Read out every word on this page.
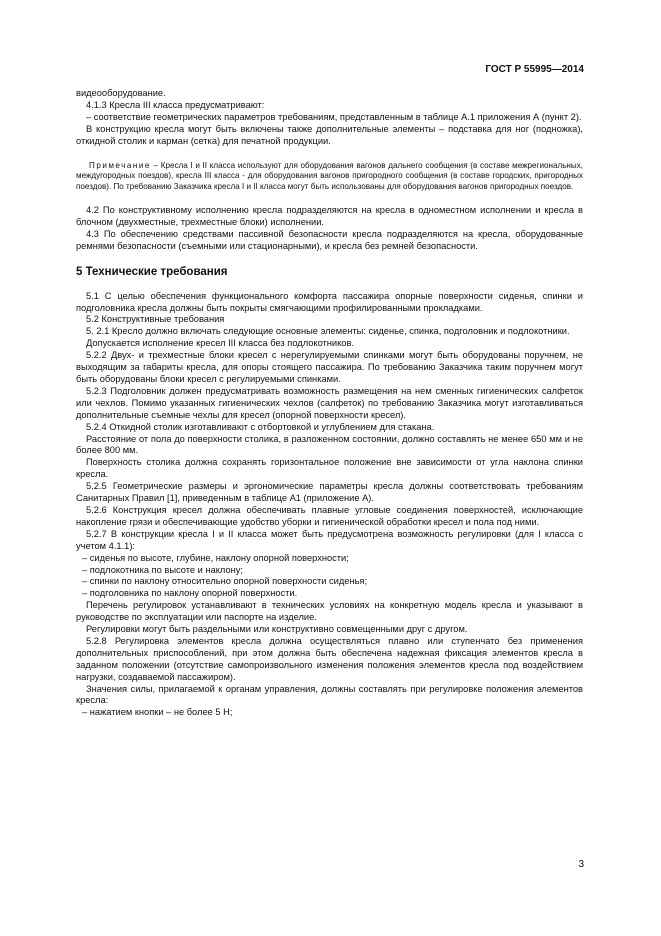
ГОСТ Р 55995—2014

видеооборудование.

4.1.3 Кресла III класса предусматривают:

– соответствие геометрических параметров требованиям, представленным в таблице А.1 приложения А (пункт 2).

В конструкцию кресла могут быть включены также дополнительные элементы – подставка для ног (подножка), откидной столик и карман (сетка) для печатной продукции.

Примечание – Кресла I и II класса используют для оборудования вагонов дальнего сообщения (в составе межрегиональных, междугородных поездов), кресла III класса - для оборудования вагонов пригородного сообщения (в составе городских, пригородных поездов). По требованию Заказчика кресла I и II класса могут быть использованы для оборудования вагонов пригородных поездов.

4.2 По конструктивному исполнению кресла подразделяются на кресла в одноместном исполнении и кресла в блочном (двухместные, трехместные блоки) исполнении.

4.3 По обеспечению средствами пассивной безопасности кресла подразделяются на кресла, оборудованные ремнями безопасности (съемными или стационарными), и кресла без ремней безопасности.

5 Технические требования

5.1 С целью обеспечения функционального комфорта пассажира опорные поверхности сиденья, спинки и подголовника кресла должны быть покрыты смягчающими профилированными прокладками.

5.2 Конструктивные требования

5. 2.1 Кресло должно включать следующие основные элементы: сиденье, спинка, подголовник и подлокотники.

Допускается исполнение кресел III класса без подлокотников.

5.2.2 Двух- и трехместные блоки кресел с нерегулируемыми спинками могут быть оборудованы поручнем, не выходящим за габариты кресла, для опоры стоящего пассажира. По требованию Заказчика таким поручнем могут быть оборудованы блоки кресел с регулируемыми спинками.

5.2.3 Подголовник должен предусматривать возможность размещения на нем сменных гигиенических салфеток или чехлов. Помимо указанных гигиенических чехлов (салфеток) по требованию Заказчика могут изготавливаться дополнительные съемные чехлы для кресел (опорной поверхности кресел).

5.2.4 Откидной столик изготавливают с отбортовкой и углублением для стакана.

Расстояние от пола до поверхности столика, в разложенном состоянии, должно составлять не менее 650 мм и не более 800 мм.

Поверхность столика должна сохранять горизонтальное положение вне зависимости от угла наклона спинки кресла.

5.2.5 Геометрические размеры и эргономические параметры кресла должны соответствовать требованиям Санитарных Правил [1], приведенным в таблице А1 (приложение А).

5.2.6 Конструкция кресел должна обеспечивать плавные угловые соединения поверхностей, исключающие накопление грязи и обеспечивающие удобство уборки и гигиенической обработки кресел и пола под ними.

5.2.7 В конструкции кресла I и II класса может быть предусмотрена возможность регулировки (для I класса с учетом 4.1.1):

– сиденья по высоте, глубине, наклону опорной поверхности;

– подлокотника по высоте и наклону;

– спинки по наклону относительно опорной поверхности сиденья;

– подголовника по наклону опорной поверхности.

Перечень регулировок устанавливают в технических условиях на конкретную модель кресла и указывают в руководстве по эксплуатации или паспорте на изделие.

Регулировки могут быть раздельными или конструктивно совмещенными друг с другом.

5.2.8 Регулировка элементов кресла должна осуществляться плавно или ступенчато без применения дополнительных приспособлений, при этом должна быть обеспечена надежная фиксация элементов кресла в заданном положении (отсутствие самопроизвольного изменения положения элементов кресла под воздействием нагрузки, создаваемой пассажиром).

Значения силы, прилагаемой к органам управления, должны составлять при регулировке положения элементов кресла:

– нажатием кнопки – не более 5 Н;

3
